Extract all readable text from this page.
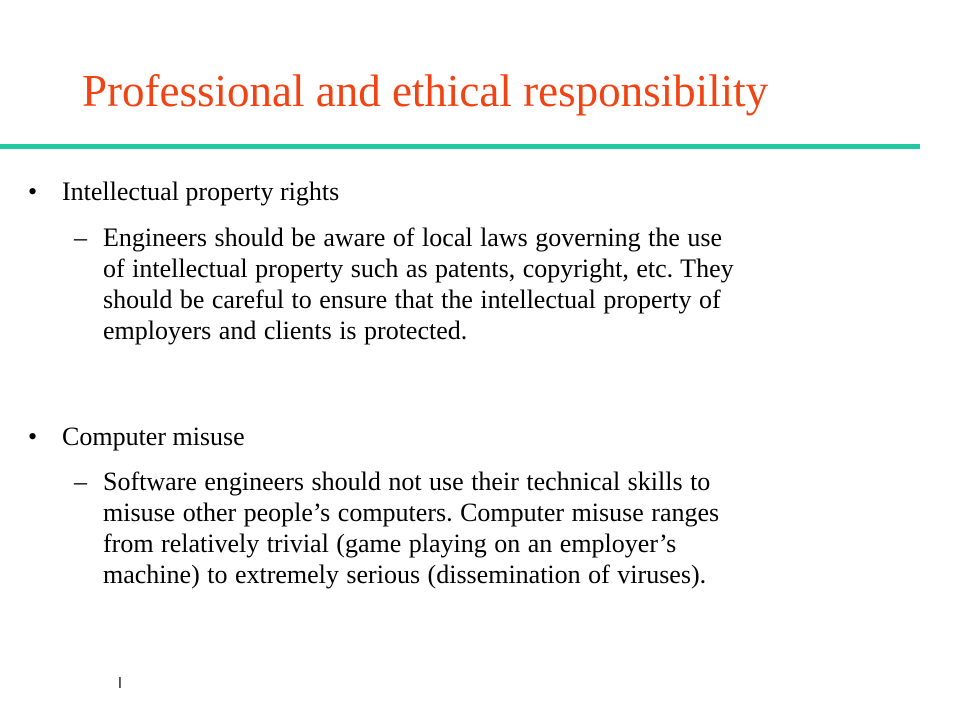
Professional and ethical responsibility
• Intellectual property rights
– Engineers should be aware of local laws governing the use
of intellectual property such as patents, copyright, etc. They
should be careful to ensure that the intellectual property of
employers and clients is protected.
• Computer misuse
– Software engineers should not use their technical skills to
misuse other people’s computers. Computer misuse ranges
from relatively trivial (game playing on an employer’s
machine) to extremely serious (dissemination of viruses).
l
